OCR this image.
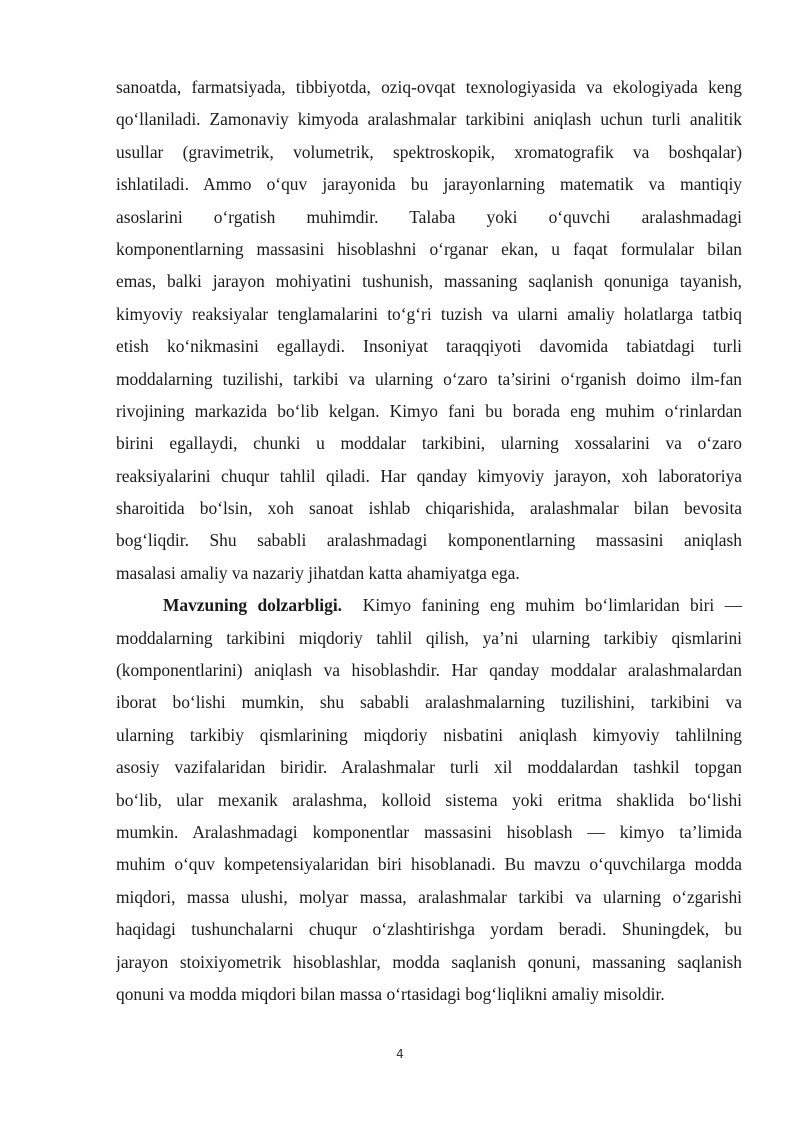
sanoatda, farmatsiyada, tibbiyotda, oziq-ovqat texnologiyasida va ekologiyada keng
qo‘llaniladi. Zamonaviy kimyoda aralashmalar tarkibini aniqlash uchun turli analitik
usullar (gravimetrik, volumetrik, spektroskopik, xromatografik va boshqalar)
ishlatiladi. Ammo o‘quv jarayonida bu jarayonlarning matematik va mantiqiy
asoslarini o‘rgatish muhimdir. Talaba yoki o‘quvchi aralashmadagi
komponentlarning massasini hisoblashni o‘rganar ekan, u faqat formulalar bilan
emas, balki jarayon mohiyatini tushunish, massaning saqlanish qonuniga tayanish,
kimyoviy reaksiyalar tenglamalarini to‘g‘ri tuzish va ularni amaliy holatlarga tatbiq
etish ko‘nikmasini egallaydi. Insoniyat taraqqiyoti davomida tabiatdagi turli
moddalarning tuzilishi, tarkibi va ularning o‘zaro ta’sirini o‘rganish doimo ilm-fan
rivojining markazida bo‘lib kelgan. Kimyo fani bu borada eng muhim o‘rinlardan
birini egallaydi, chunki u moddalar tarkibini, ularning xossalarini va o‘zaro
reaksiyalarini chuqur tahlil qiladi. Har qanday kimyoviy jarayon, xoh laboratoriya
sharoitida bo‘lsin, xoh sanoat ishlab chiqarishida, aralashmalar bilan bevosita
bog‘liqdir. Shu sababli aralashmadagi komponentlarning massasini aniqlash
masalasi amaliy va nazariy jihatdan katta ahamiyatga ega.
Mavzuning dolzarbligi. Kimyo fanining eng muhim bo‘limlaridan biri —
moddalarning tarkibini miqdoriy tahlil qilish, ya’ni ularning tarkibiy qismlarini
(komponentlarini) aniqlash va hisoblashdir. Har qanday moddalar aralashmalardan
iborat bo‘lishi mumkin, shu sababli aralashmalarning tuzilishini, tarkibini va
ularning tarkibiy qismlarining miqdoriy nisbatini aniqlash kimyoviy tahlilning
asosiy vazifalaridan biridir. Aralashmalar turli xil moddalardan tashkil topgan
bo‘lib, ular mexanik aralashma, kolloid sistema yoki eritma shaklida bo‘lishi
mumkin. Aralashmadagi komponentlar massasini hisoblash — kimyo ta’limida
muhim o‘quv kompetensiyalaridan biri hisoblanadi. Bu mavzu o‘quvchilarga modda
miqdori, massa ulushi, molyar massa, aralashmalar tarkibi va ularning o‘zgarishi
haqidagi tushunchalarni chuqur o‘zlashtirishga yordam beradi. Shuningdek, bu
jarayon stoixiyometrik hisoblashlar, modda saqlanish qonuni, massaning saqlanish
qonuni va modda miqdori bilan massa o‘rtasidagi bog‘liqlikni amaliy misoldir.
4
